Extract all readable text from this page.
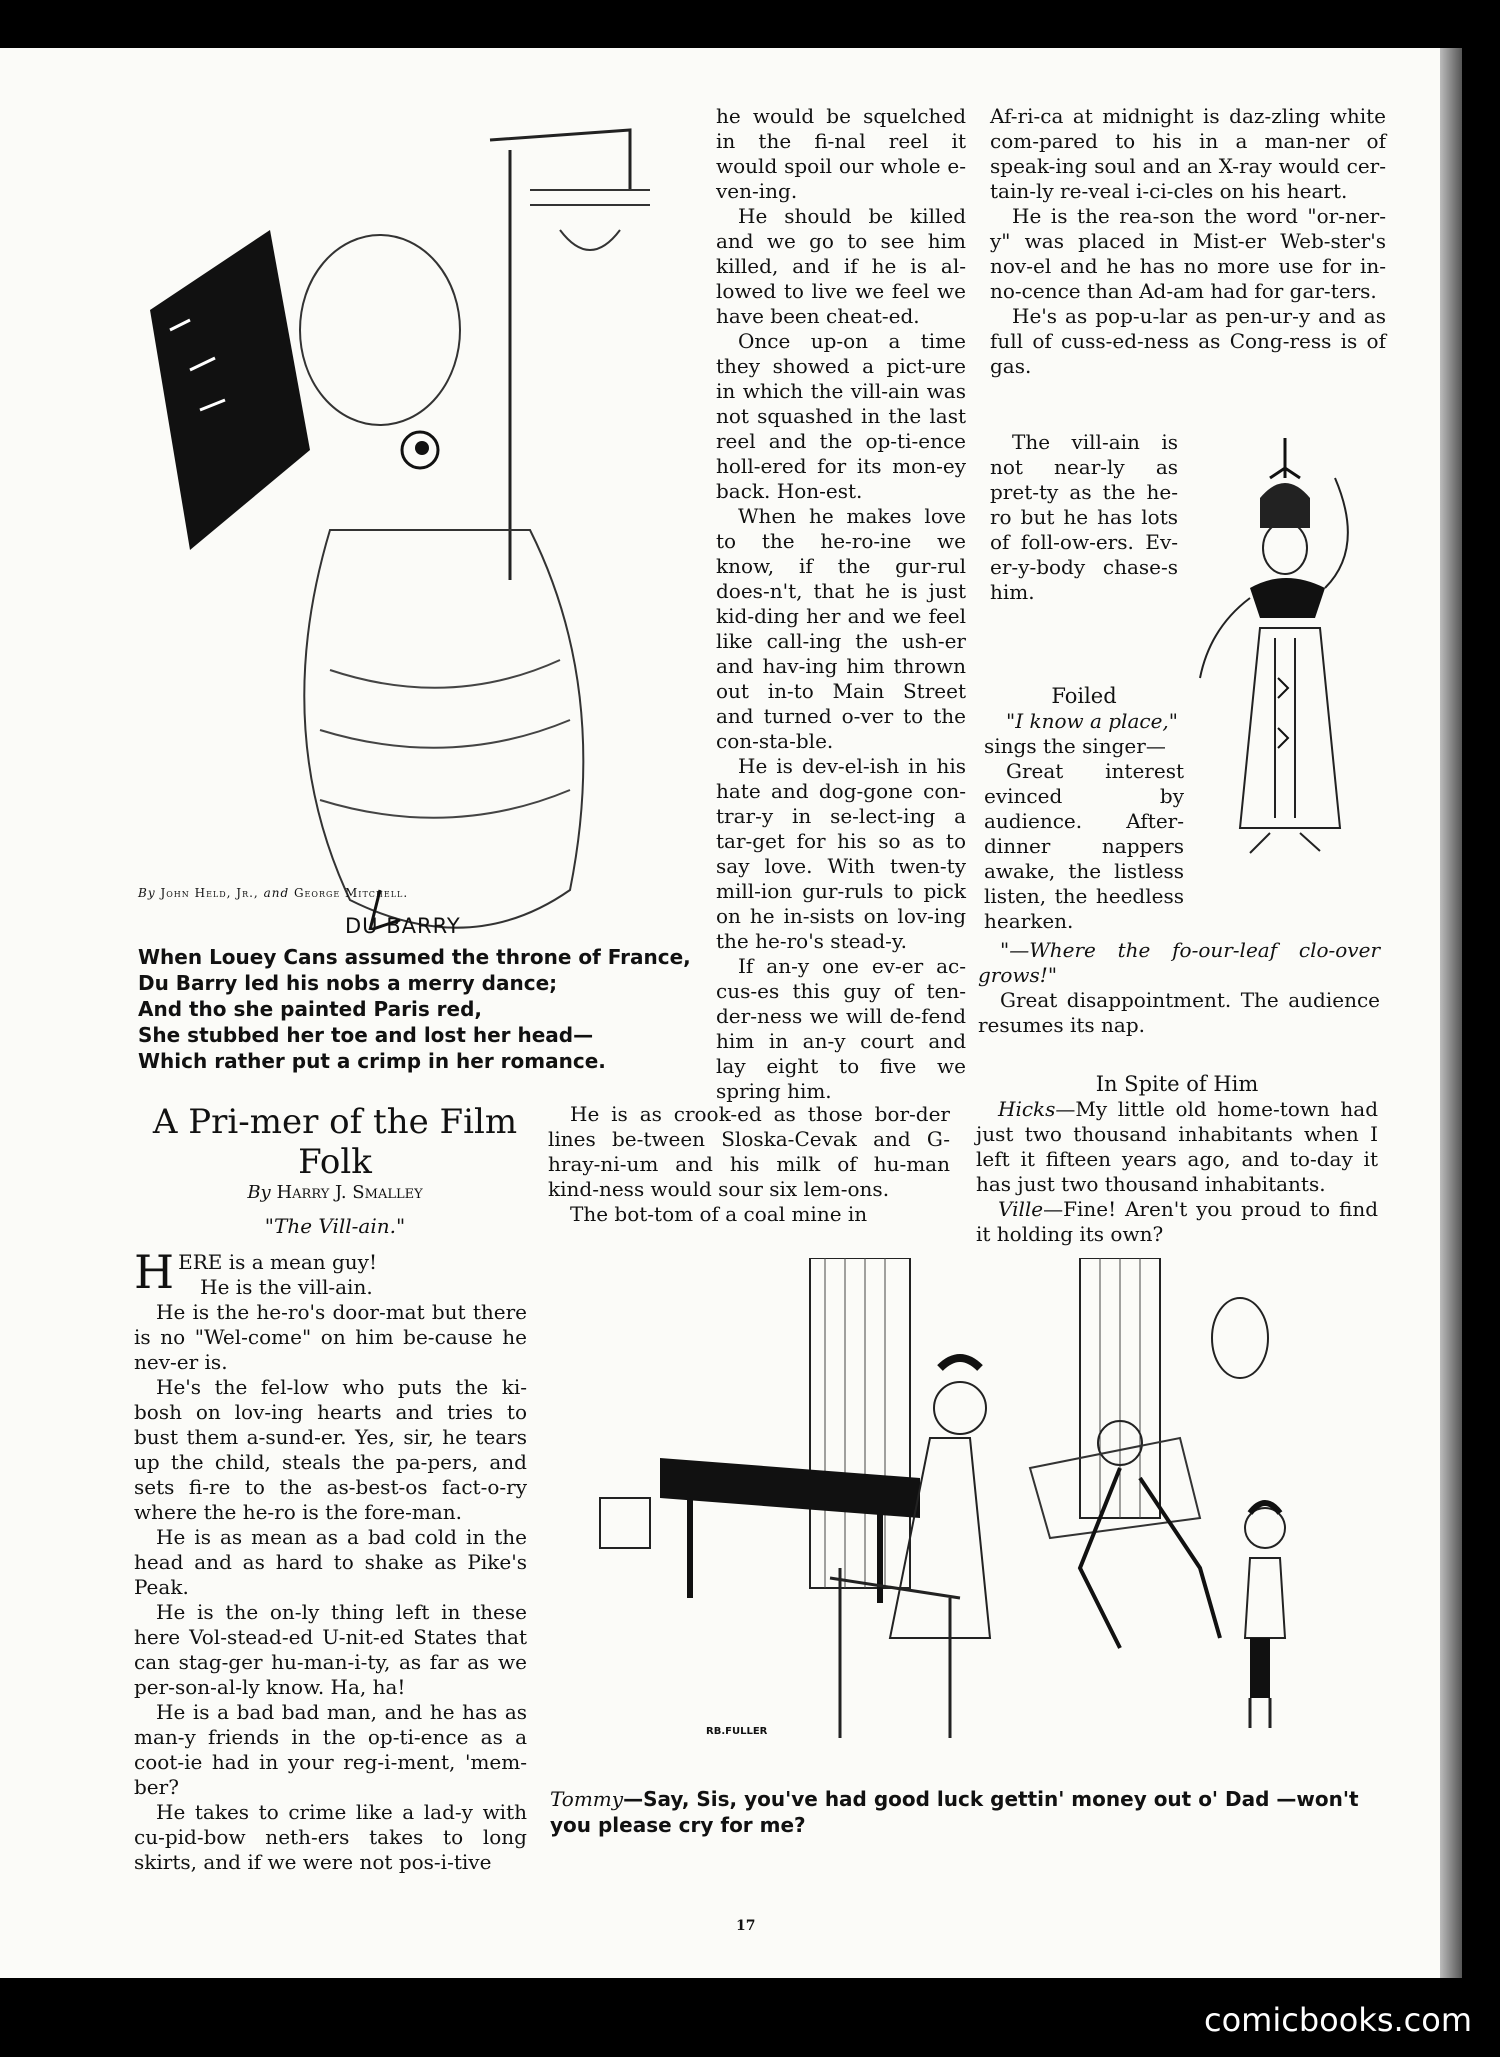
By John Held, Jr., and George Mitchell.
DU BARRY
When Louey Cans assumed the throne of France,
Du Barry led his nobs a merry dance;
And tho she painted Paris red,
She stubbed her toe and lost her head—
Which rather put a crimp in her romance.
A Pri-mer of the Film Folk
By Harry J. Smalley
"The Vill-ain."

HERE is a mean guy!

He is the vill-ain.

He is the he-ro's door-mat but there is no "Wel-come" on him be-cause he nev-er is.

He's the fel-low who puts the ki-bosh on lov-ing hearts and tries to bust them a-sund-er. Yes, sir, he tears up the child, steals the pa-pers, and sets fi-re to the as-best-os fact-o-ry where the he-ro is the fore-man.

He is as mean as a bad cold in the head and as hard to shake as Pike's Peak.

He is the on-ly thing left in these here Vol-stead-ed U-nit-ed States that can stag-ger hu-man-i-ty, as far as we per-son-al-ly know. Ha, ha!

He is a bad bad man, and he has as man-y friends in the op-ti-ence as a coot-ie had in your reg-i-ment, 'mem-ber?

He takes to crime like a lad-y with cu-pid-bow neth-ers takes to long skirts, and if we were not pos-i-tive

he would be squelched in the fi-nal reel it would spoil our whole e-ven-ing.

He should be killed and we go to see him killed, and if he is al-lowed to live we feel we have been cheat-ed.

Once up-on a time they showed a pict-ure in which the vill-ain was not squashed in the last reel and the op-ti-ence holl-ered for its mon-ey back. Hon-est.

When he makes love to the he-ro-ine we know, if the gur-rul does-n't, that he is just kid-ding her and we feel like call-ing the ush-er and hav-ing him thrown out in-to Main Street and turned o-ver to the con-sta-ble.

He is dev-el-ish in his hate and dog-gone con-trar-y in se-lect-ing a tar-get for his so as to say love. With twen-ty mill-ion gur-ruls to pick on he in-sists on lov-ing the he-ro's stead-y.

If an-y one ev-er ac-cus-es this guy of ten-der-ness we will de-fend him in an-y court and lay eight to five we spring him.

He is as crook-ed as those bor-der lines be-tween Sloska-Cevak and G-hray-ni-um and his milk of hu-man kind-ness would sour six lem-ons.

The bot-tom of a coal mine in

Af-ri-ca at midnight is daz-zling white com-pared to his in a man-ner of speak-ing soul and an X-ray would cer-tain-ly re-veal i-ci-cles on his heart.

He is the rea-son the word "or-ner-y" was placed in Mist-er Web-ster's nov-el and he has no more use for in-no-cence than Ad-am had for gar-ters.

He's as pop-u-lar as pen-ur-y and as full of cuss-ed-ness as Cong-ress is of gas.

The vill-ain is not near-ly as pret-ty as the he-ro but he has lots of foll-ow-ers. Ev-er-y-body chase-s him.

Foiled

"I know a place,"

sings the singer—

Great interest evinced by audience. After-dinner nappers awake, the listless listen, the heedless hearken.

"—Where the fo-our-leaf clo-over grows!"

Great disappointment. The audience resumes its nap.

In Spite of Him

Hicks—My little old home-town had just two thousand inhabitants when I left it fifteen years ago, and to-day it has just two thousand inhabitants.

Ville—Fine! Aren't you proud to find it holding its own?

RB.FULLER
Tommy—Say, Sis, you've had good luck gettin' money out o' Dad —won't you please cry for me?
17
comicbooks.com
